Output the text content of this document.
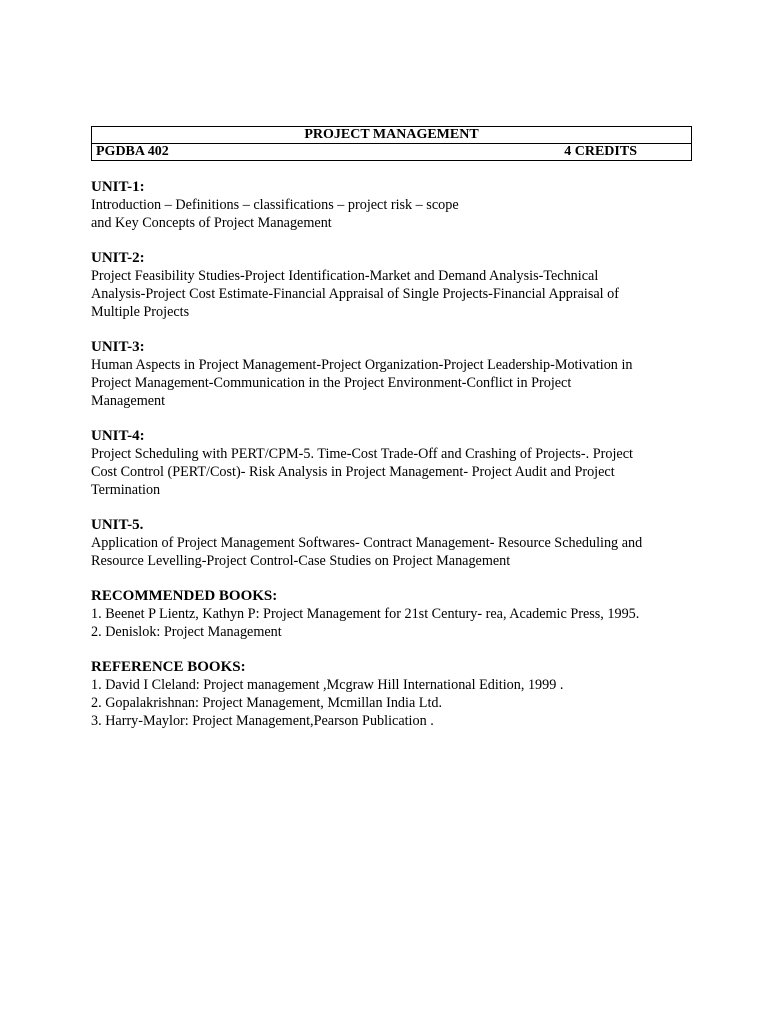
PROJECT MANAGEMENT
PGDBA 402	4 CREDITS
UNIT-1:
Introduction – Definitions – classifications – project risk – scope
and Key Concepts of Project Management
UNIT-2:
Project Feasibility Studies-Project Identification-Market and Demand Analysis-Technical
Analysis-Project Cost Estimate-Financial Appraisal of Single Projects-Financial Appraisal of
Multiple Projects
UNIT-3:
Human Aspects in Project Management-Project Organization-Project Leadership-Motivation in
Project Management-Communication in the Project Environment-Conflict in Project
Management
UNIT-4:
Project Scheduling with PERT/CPM-5. Time-Cost Trade-Off and Crashing of Projects-. Project
Cost Control (PERT/Cost)- Risk Analysis in Project Management- Project Audit and Project
Termination
UNIT-5.
Application of Project Management Softwares- Contract Management- Resource Scheduling and
Resource Levelling-Project Control-Case Studies on Project Management
RECOMMENDED BOOKS:
1. Beenet P Lientz, Kathyn P: Project Management for 21st Century- rea, Academic Press, 1995.
2. Denislok: Project Management
REFERENCE BOOKS:
1. David I Cleland: Project management ,Mcgraw Hill International Edition, 1999 .
2. Gopalakrishnan: Project Management, Mcmillan India Ltd.
3. Harry-Maylor: Project Management,Pearson Publication .
